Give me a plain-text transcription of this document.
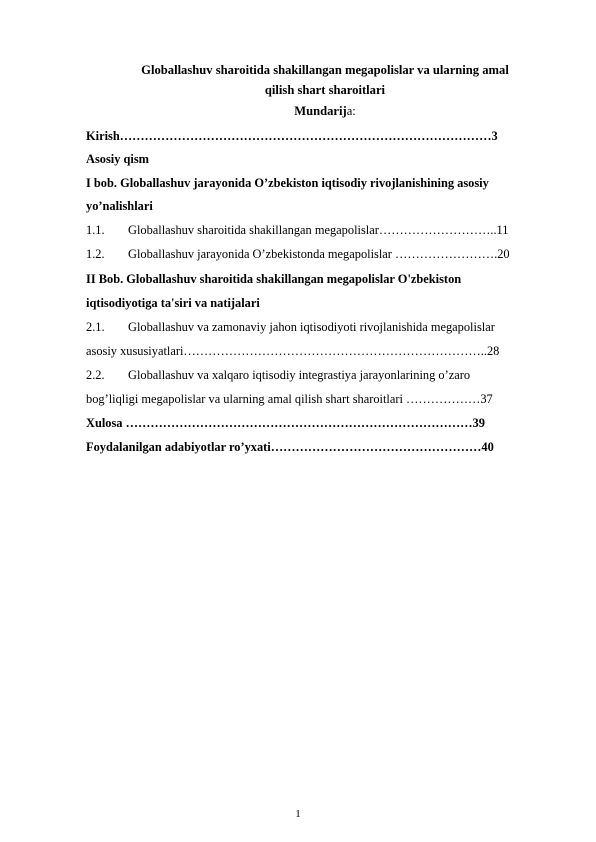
Globallashuv sharoitida shakillangan megapolislar va ularning amal
qilish shart sharoitlari
Mundarija:
Kirish………………………………………………………………………………3
Asosiy qism
I bob. Globallashuv jarayonida O’zbekiston iqtisodiy rivojlanishining asosiy
yo’nalishlari
1.1. Globallashuv sharoitida shakillangan megapolislar………………………..11
1.2. Globallashuv jarayonida O’zbekistonda megapolislar …………………….20
II Bob. Globallashuv sharoitida shakillangan megapolislar O'zbekiston
iqtisodiyotiga ta'siri va natijalari
2.1. Globallashuv va zamonaviy jahon iqtisodiyoti rivojlanishida megapolislar
asosiy xususiyatlari………………………………………………………………..28
2.2. Globallashuv va xalqaro iqtisodiy integrastiya jarayonlarining o’zaro
bog’liqligi megapolislar va ularning amal qilish shart sharoitlari ………………37
Xulosa …………………………………………………………………………39
Foydalanilgan adabiyotlar ro’yxati……………………………………………40
1
